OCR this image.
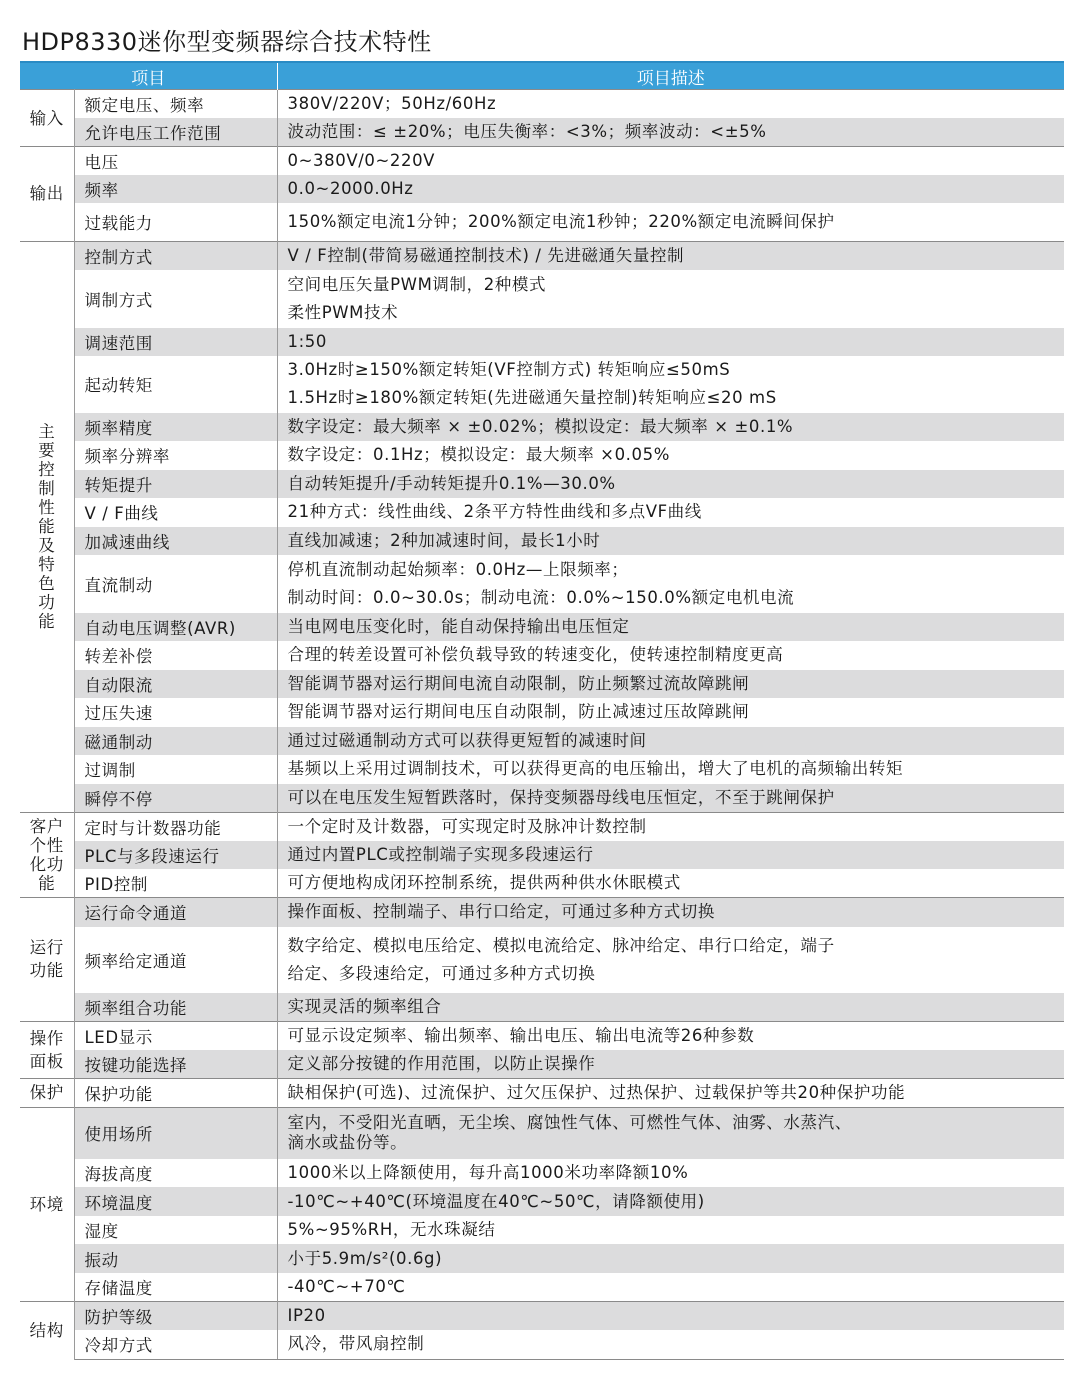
HDP8330迷你型变频器综合技术特性
项目		项目描述
输入	额定电压、频率	380V/220V；50Hz/60Hz

	允许电压工作范围	波动范围：≤ ±20%；电压失衡率：<3%；频率波动：<±5%

输出	电压	0~380V/0~220V

	频率	0.0~2000.0Hz

	过载能力	150%额定电流1分钟；200%额定电流1秒钟；220%额定电流瞬间保护

主要控制性能及特色功能	控制方式	V / F控制(带简易磁通控制技术) / 先进磁通矢量控制

	调制方式	空间电压矢量PWM调制，2种模式
柔性PWM技术

	调速范围	1:50

	起动转矩	3.0Hz时≥150%额定转矩(VF控制方式) 转矩响应≤50mS
1.5Hz时≥180%额定转矩(先进磁通矢量控制)转矩响应≤20 mS

	频率精度	数字设定：最大频率 × ±0.02%；模拟设定：最大频率 × ±0.1%

	频率分辨率	数字设定：0.1Hz；模拟设定：最大频率 ×0.05%

	转矩提升	自动转矩提升/手动转矩提升0.1%—30.0%

	V / F曲线	21种方式：线性曲线、2条平方特性曲线和多点VF曲线

	加减速曲线	直线加减速；2种加减速时间，最长1小时

	直流制动	停机直流制动起始频率：0.0Hz—上限频率；
制动时间：0.0~30.0s；制动电流：0.0%~150.0%额定电机电流

	自动电压调整(AVR)	当电网电压变化时，能自动保持输出电压恒定

	转差补偿	合理的转差设置可补偿负载导致的转速变化，使转速控制精度更高

	自动限流	智能调节器对运行期间电流自动限制，防止频繁过流故障跳闸

	过压失速	智能调节器对运行期间电压自动限制，防止减速过压故障跳闸

	磁通制动	通过过磁通制动方式可以获得更短暂的减速时间

	过调制	基频以上采用过调制技术，可以获得更高的电压输出，增大了电机的高频输出转矩

	瞬停不停	可以在电压发生短暂跌落时，保持变频器母线电压恒定，不至于跳闸保护

客户个性化功能	定时与计数器功能	一个定时及计数器，可实现定时及脉冲计数控制

	PLC与多段速运行	通过内置PLC或控制端子实现多段速运行

	PID控制	可方便地构成闭环控制系统，提供两种供水休眠模式

运行功能	运行命令通道	操作面板、控制端子、串行口给定，可通过多种方式切换

	频率给定通道	数字给定、模拟电压给定、模拟电流给定、脉冲给定、串行口给定，端子
给定、多段速给定，可通过多种方式切换

	频率组合功能	实现灵活的频率组合

操作面板	LED显示	可显示设定频率、输出频率、输出电压、输出电流等26种参数

	按键功能选择	定义部分按键的作用范围，以防止误操作

保护	保护功能	缺相保护(可选)、过流保护、过欠压保护、过热保护、过载保护等共20种保护功能

环境	使用场所	室内，不受阳光直晒，无尘埃、腐蚀性气体、可燃性气体、油雾、水蒸汽、
滴水或盐份等。

	海拔高度	1000米以上降额使用，每升高1000米功率降额10%

	环境温度	-10℃~+40℃(环境温度在40℃~50℃，请降额使用)

	湿度	5%~95%RH，无水珠凝结

	振动	小于5.9m/s²(0.6g)

	存储温度	-40℃~+70℃

结构	防护等级	IP20

	冷却方式	风冷，带风扇控制
